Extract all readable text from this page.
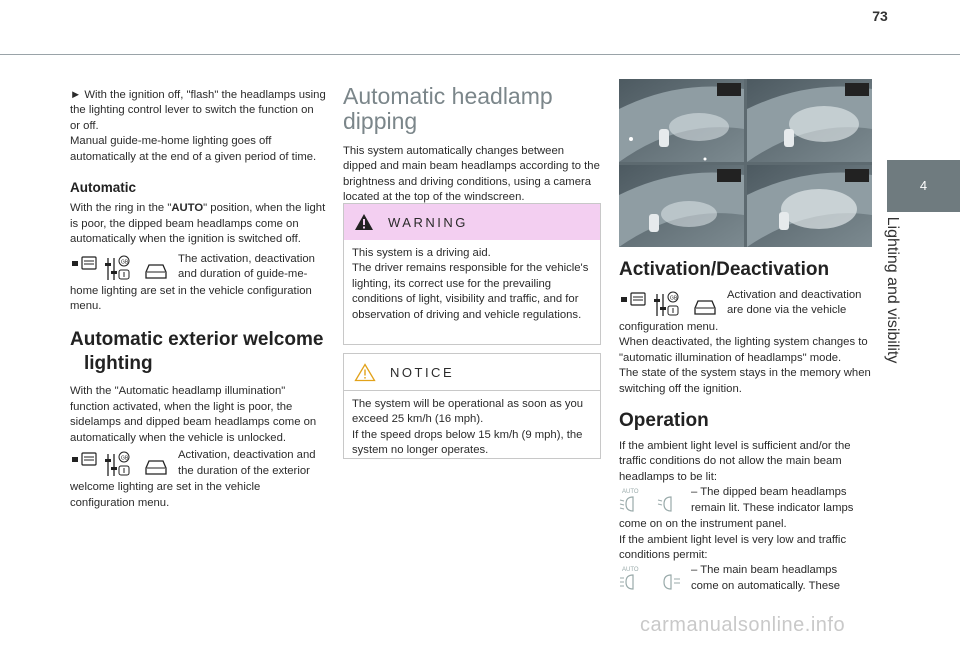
73
4
Lighting and visibility

► With the ignition off, "flash" the headlamps using the lighting control lever to switch the function on or off.

Manual guide-me-home lighting goes off automatically at the end of a given period of time.

Automatic

With the ring in the "AUTO" position, when the light is poor, the dipped beam headlamps come on automatically when the ignition is switched off.

GB	The activation, deactivation
and duration of guide-me-

home lighting are set in the vehicle configuration menu.

Automatic exterior welcome
lighting

With the "Automatic headlamp illumination" function activated, when the light is poor, the sidelamps and dipped beam headlamps come on automatically when the vehicle is unlocked.

GB	Activation, deactivation and
the duration of the exterior

welcome lighting are set in the vehicle configuration menu.

Automatic headlamp
dipping

This system automatically changes between dipped and main beam headlamps according to the brightness and driving conditions, using a camera located at the top of the windscreen.

WARNING
This system is a driving aid.
The driver remains responsible for the vehicle's lighting, its correct use for the prevailing conditions of light, visibility and traffic, and for observation of driving and vehicle regulations.
NOTICE
The system will be operational as soon as you exceed 25 km/h (16 mph).
If the speed drops below 15 km/h (9 mph), the system no longer operates.
Activation/Deactivation
GB	Activation and deactivation
are done via the vehicle

configuration menu.

When deactivated, the lighting system changes to "automatic illumination of headlamps" mode.

The state of the system stays in the memory when switching off the ignition.

Operation

If the ambient light level is sufficient and/or the traffic conditions do not allow the main beam headlamps to be lit:

AUTO	– The dipped beam headlamps
remain lit. These indicator lamps

come on on the instrument panel.

If the ambient light level is very low and traffic conditions permit:

AUTO	– The main beam headlamps
come on automatically. These
carmanualsonline.info
